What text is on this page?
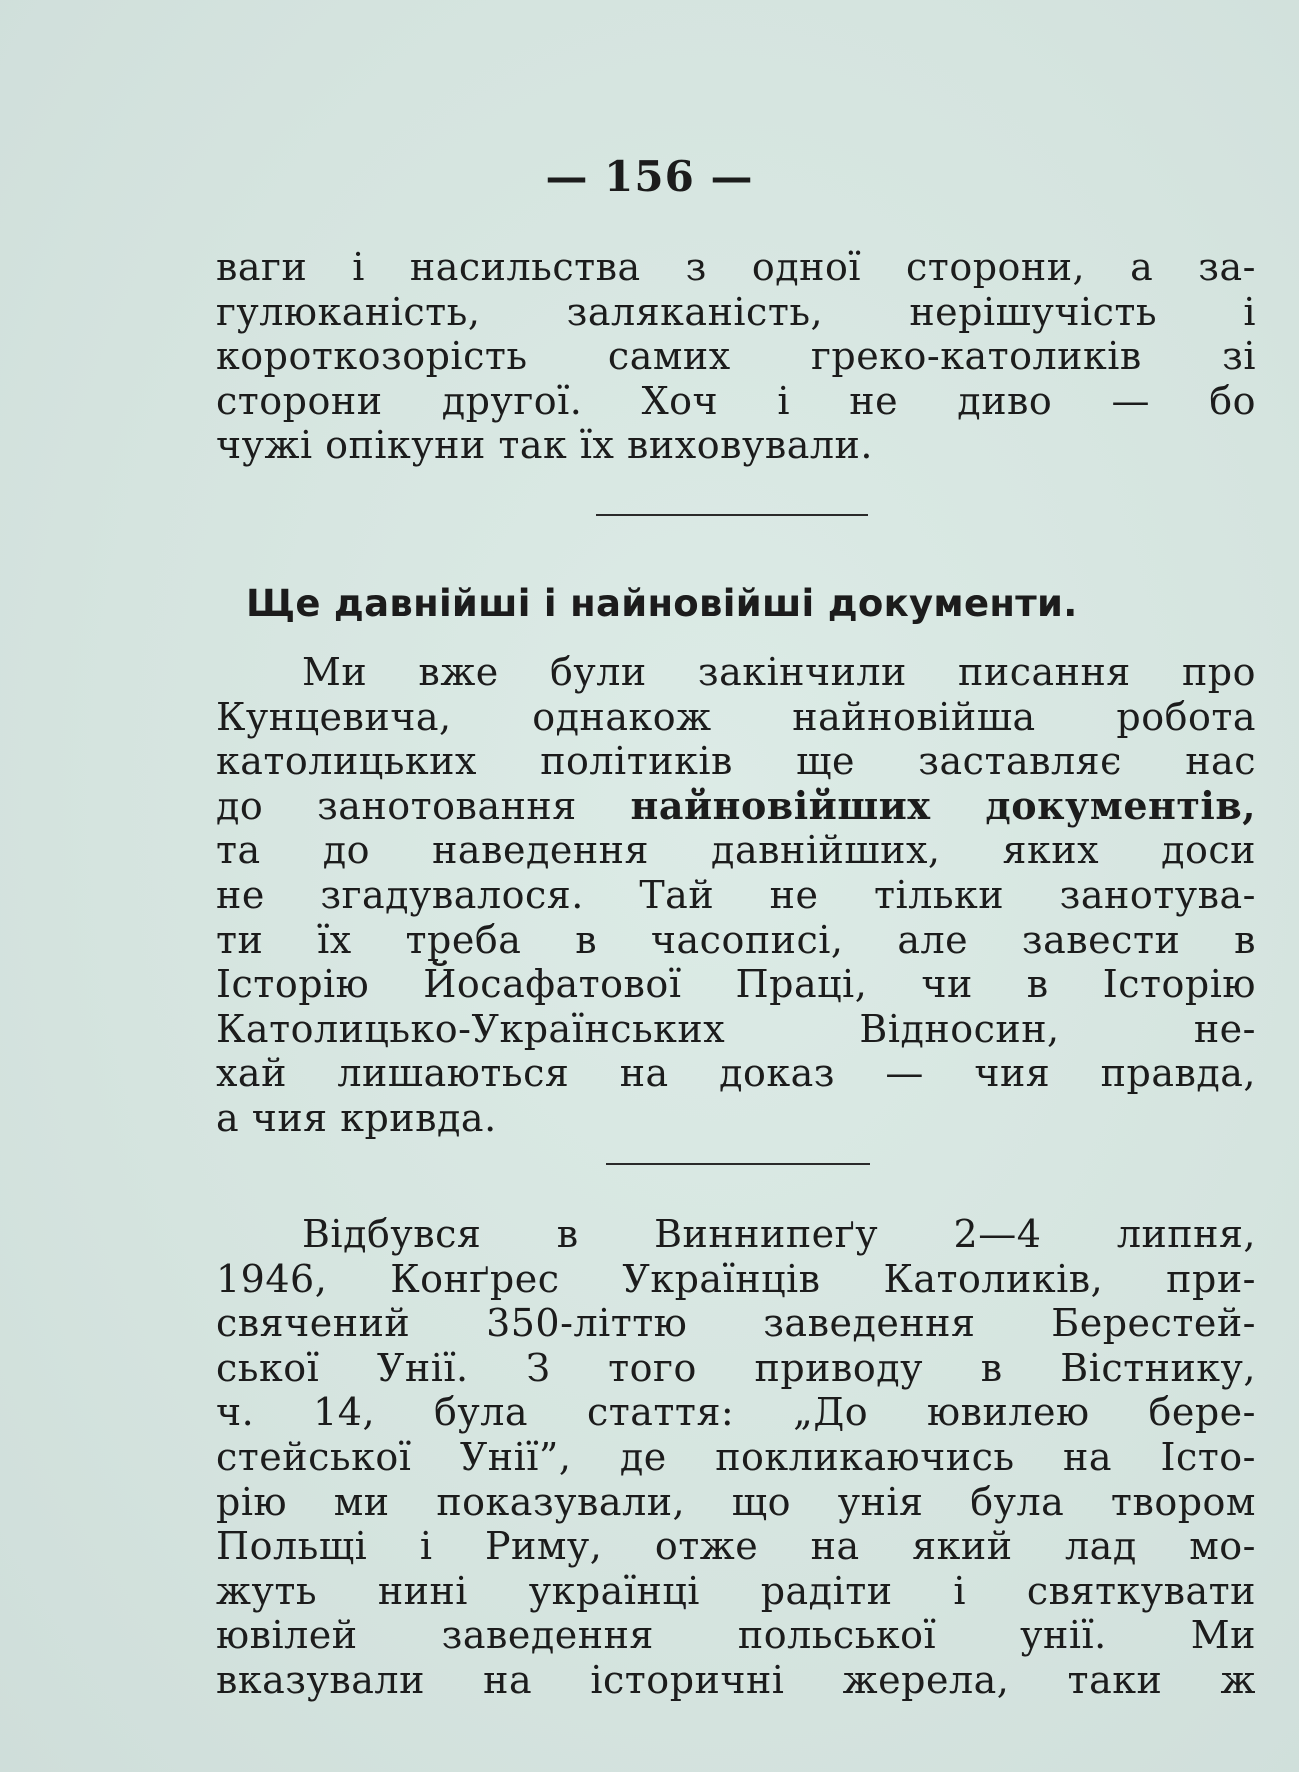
— 156 —
ваги і насильства з одної сторони, а за-
гулюканість, заляканість, нерішучість і
короткозорість самих греко-католиків зі
сторони другої. Хоч і не диво — бо
чужі опікуни так їх виховували.
Ще давнійші і найновійші документи.
Ми вже були закінчили писання про
Кунцевича, однакож найновійша робота
католицьких політиків ще заставляє нас
до занотовання найновійших документів,
та до наведення давнійших, яких доси
не згадувалося. Тай не тільки занотува-
ти їх треба в часописі, але завести в
Історію Йосафатової Праці, чи в Історію
Католицько-Українських Відносин, не-
хай лишаються на доказ — чия правда,
а чия кривда.
Відбувся в Виннипеґу 2—4 липня,
1946, Конґрес Українців Католиків, при-
свячений 350-літтю заведення Берестей-
ської Унії. З того приводу в Вістнику,
ч. 14, була стаття: „До ювилею бере-
стейської Унії”, де покликаючись на Істо-
рію ми показували, що унія була твором
Польщі і Риму, отже на який лад мо-
жуть нині українці радіти і святкувати
ювілей заведення польської унії. Ми
вказували на історичні жерела, таки ж
